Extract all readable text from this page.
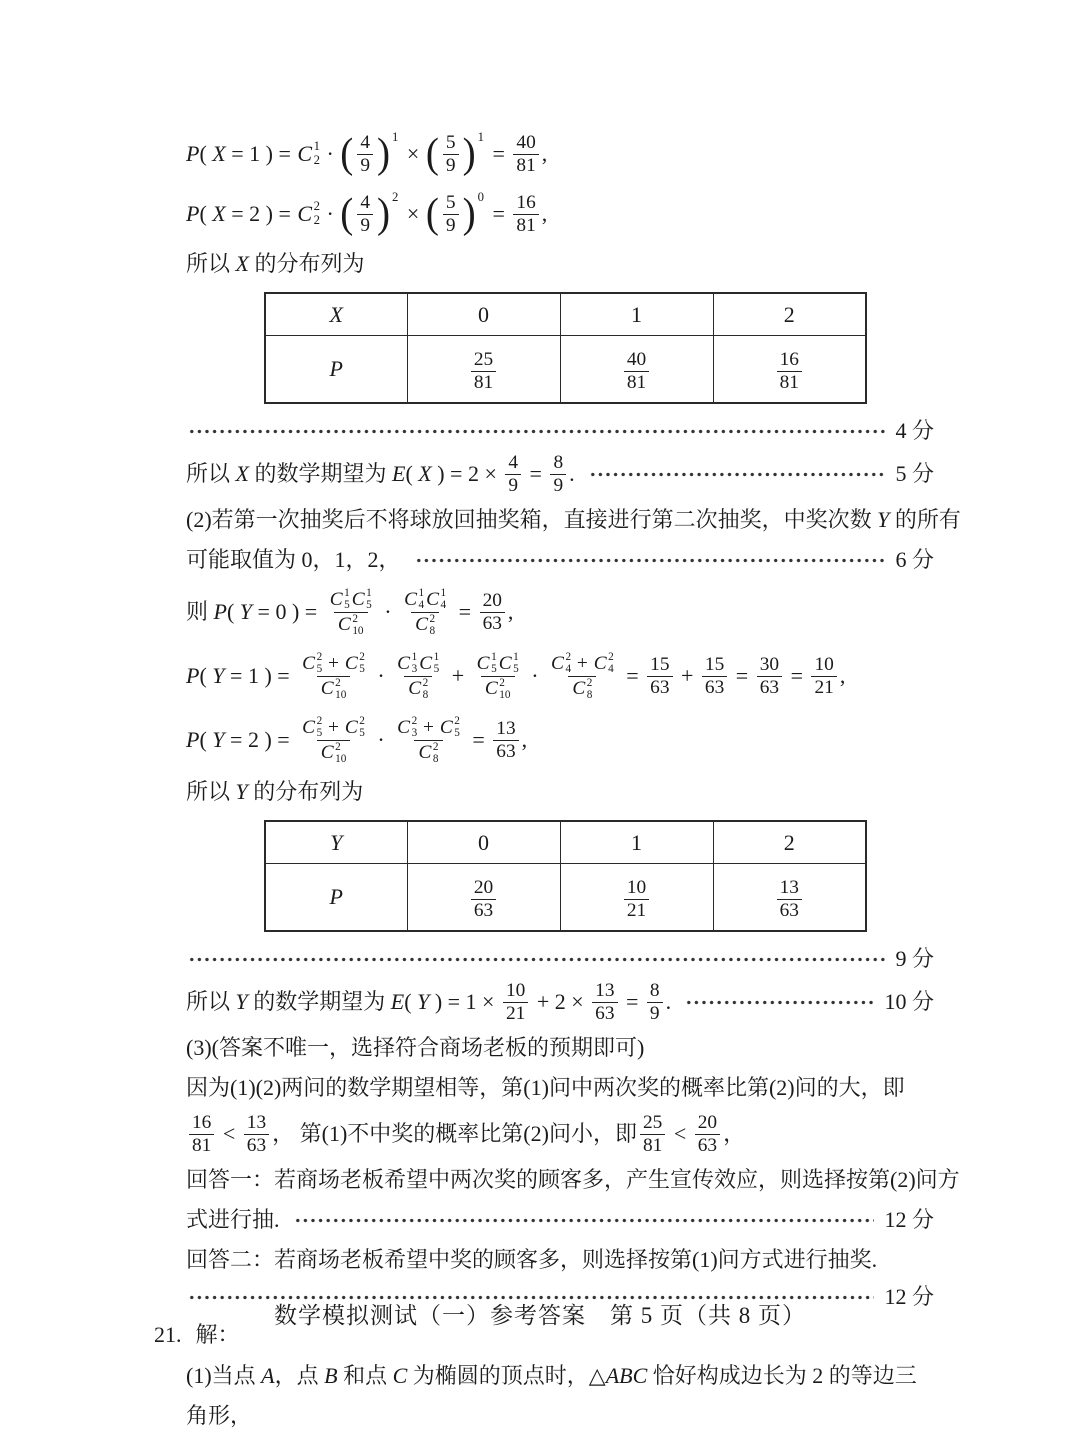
P ( X = 1 ) = C 1
2 · ( $\frac{4}{9}$ ) 1
× ( $\frac{5}{9}$ ) 1
= $\frac{40}{81}$ ,
P ( X = 2 ) = C 2
2 · ( $\frac{4}{9}$ ) 2
× ( $\frac{5}{9}$ ) 0
= $\frac{16}{81}$ ,
所以 X 的分布列为
X	0	1	2
P	$\frac{25}{81}$	$\frac{40}{81}$	$\frac{16}{81}$
4 分
所以 X 的数学期望为 E ( X ) = $2 \times \frac{4}{9} = \frac{8}{9}$ .	5 分
(2)若第一次抽奖后不将球放回抽奖箱，直接进行第二次抽奖，中奖次数 Y 的所有
可能取值为 0，1，2，	6 分
则 P ( Y = 0 ) = C 1
5 C 1
5
C 2
10 · C 1
4 C 1
4
C 2
$8 = \frac{20}{63}$ ,
P ( Y = 1 ) = C 2
5 + C 2
5
C 2
10 · C 1
3 C 1
5
C 2
8 + C 1
5 C 1
5
C 2
10 · C 2
4 + C 2
4
C 2
$8 = \frac{15}{63} + \frac{15}{63} = \frac{30}{63} = \frac{10}{21}$ ,
P ( Y = 2 ) = C 2
5 + C 2
5
C 2
10 · C 2
3 + C 2
5
C 2
$8 = \frac{13}{63}$ ,
所以 Y 的分布列为
Y	0	1	2
P	$\frac{20}{63}$	$\frac{10}{21}$	$\frac{13}{63}$
9 分
所以 Y 的数学期望为 E ( Y ) = $1 \times \frac{10}{21} + 2 \times \frac{13}{63} = \frac{8}{9}$ .	10 分
(3)(答案不唯一，选择符合商场老板的预期即可)
因为(1)(2)两问的数学期望相等，第(1)问中两次奖的概率比第(2)问的大，即
$\frac{16}{81} < \frac{13}{63}$ ， 第(1)不中奖的概率比第(2)问小，即 $\frac{25}{81} < \frac{20}{63}$ ，
回答一：若商场老板希望中两次奖的顾客多，产生宣传效应，则选择按第(2)问方
式进行抽.	12 分
回答二：若商场老板希望中奖的顾客多，则选择按第(1)问方式进行抽奖.
12 分
21. 解：
(1)当点 A ，点 B 和点 C 为椭圆的顶点时，△ ABC 恰好构成边长为 2 的等边三
角形，
数学模拟测试（一）参考答案　第 5 页（共 8 页）
